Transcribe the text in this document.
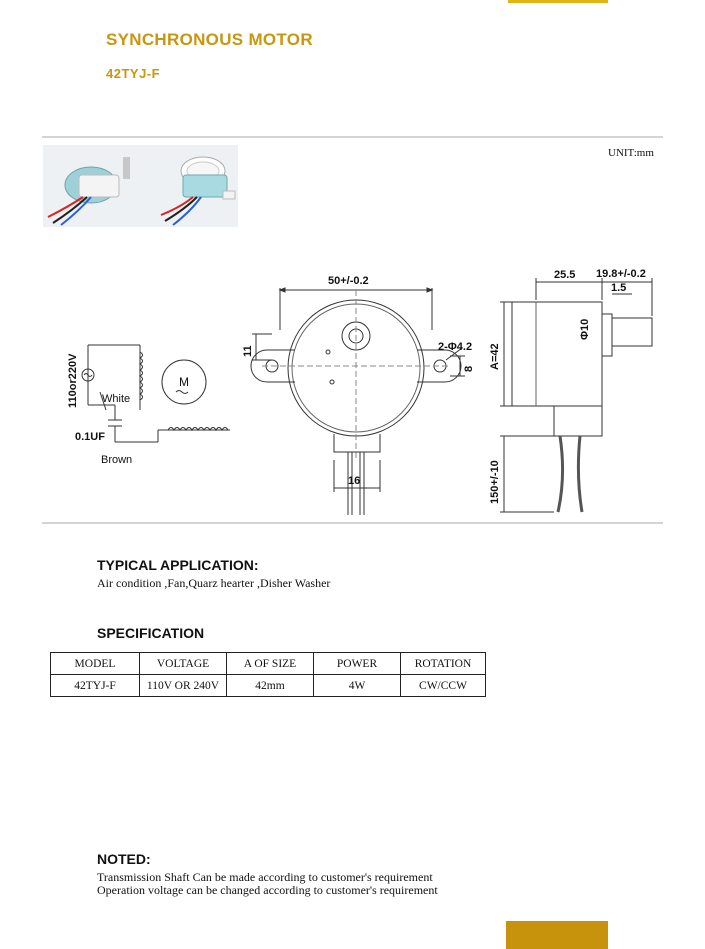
SYNCHRONOUS MOTOR
42TYJ-F
UNIT:mm
110or220V White
0.1UF
Brown
M
50+/-0.2
11	2-Φ4.2
8
16
25.5 19.8+/-0.2
1.5
Φ10
A=42
150+/-10
TYPICAL APPLICATION:
Air condition ,Fan,Quarz hearter ,Disher Washer
SPECIFICATION
MODEL	VOLTAGE	A OF SIZE	POWER	ROTATION
42TYJ-F	110V OR 240V	42mm	4W	CW/CCW
NOTED:
Transmission Shaft Can be made according to customer's requirement
Operation voltage can be changed according to customer's requirement
